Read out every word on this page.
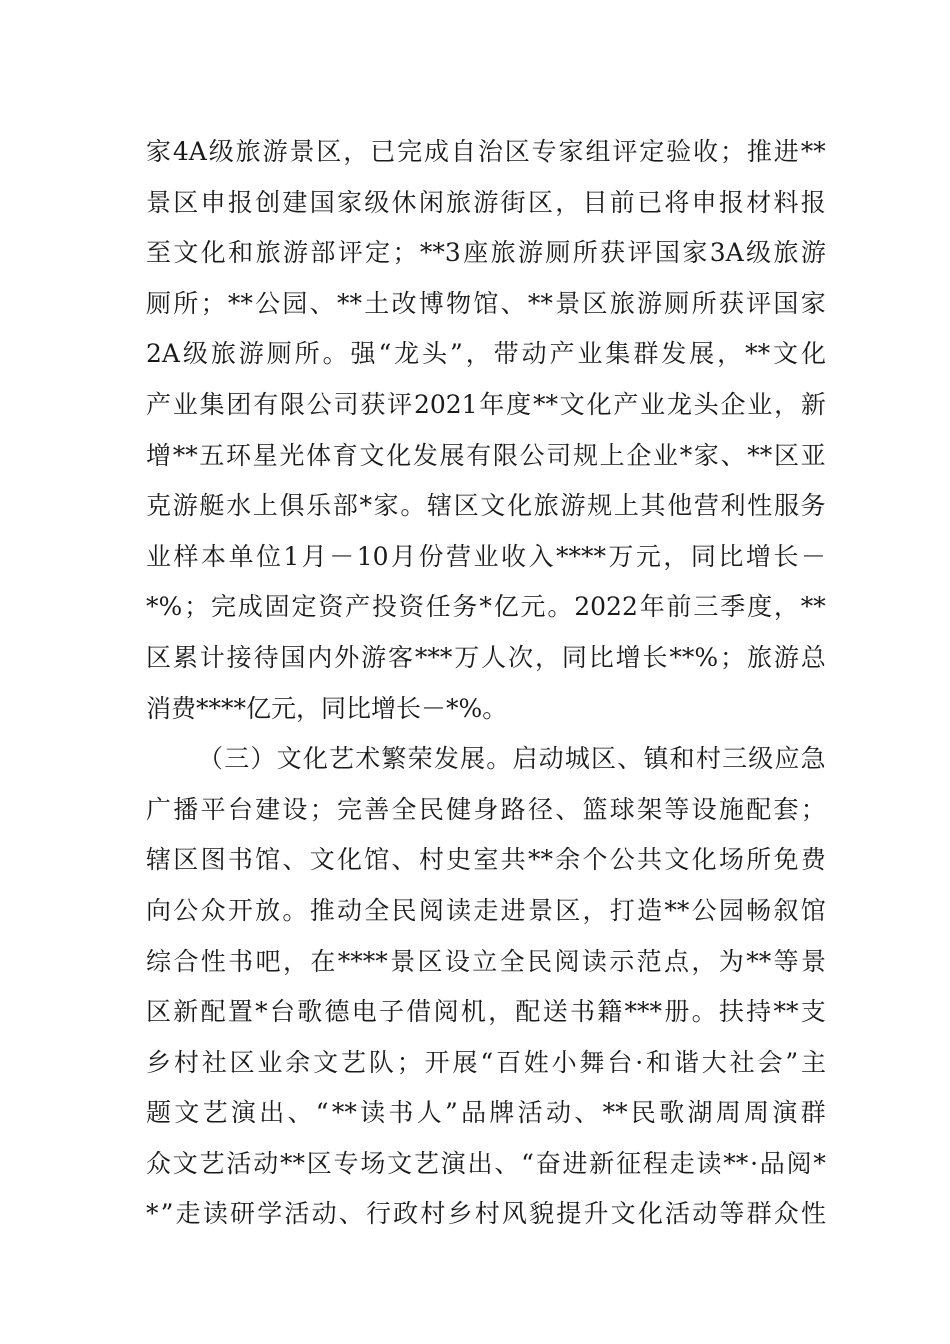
家 4A 级 旅 游 景 区 ， 已 完 成 自 治 区 专 家 组 评 定 验 收 ； 推 进 **
景 区 申 报 创 建 国 家 级 休 闲 旅 游 街 区 ， 目 前 已 将 申 报 材 料 报
至 文 化 和 旅 游 部 评 定 ； **3 座 旅 游 厕 所 获 评 国 家 3A 级 旅 游
厕 所 ； ** 公 园 、 ** 土 改 博 物 馆 、 ** 景 区 旅 游 厕 所 获 评 国 家
2A 级 旅 游 厕 所 。 强 “ 龙 头 ” ， 带 动 产 业 集 群 发 展 ， ** 文 化
产 业 集 团 有 限 公 司 获 评 2021 年 度 ** 文 化 产 业 龙 头 企 业 ， 新
增 ** 五 环 星 光 体 育 文 化 发 展 有 限 公 司 规 上 企 业 * 家 、 ** 区 亚
克 游 艇 水 上 俱 乐 部 * 家 。 辖 区 文 化 旅 游 规 上 其 他 营 利 性 服 务
业 样 本 单 位 1 月 － 10 月 份 营 业 收 入 **** 万 元 ， 同 比 增 长 －
*% ； 完 成 固 定 资 产 投 资 任 务 * 亿 元 。 2022 年 前 三 季 度 ， **
区 累 计 接 待 国 内 外 游 客 *** 万 人 次 ， 同 比 增 长 **% ； 旅 游 总
消费****亿元，同比增长－*%。
（ 三 ） 文 化 艺 术 繁 荣 发 展 。 启 动 城 区 、 镇 和 村 三 级 应 急
广 播 平 台 建 设 ； 完 善 全 民 健 身 路 径 、 篮 球 架 等 设 施 配 套 ；
辖 区 图 书 馆 、 文 化 馆 、 村 史 室 共 ** 余 个 公 共 文 化 场 所 免 费
向 公 众 开 放 。 推 动 全 民 阅 读 走 进 景 区 ， 打 造 ** 公 园 畅 叙 馆
综 合 性 书 吧 ， 在 **** 景 区 设 立 全 民 阅 读 示 范 点 ， 为 ** 等 景
区 新 配 置 * 台 歌 德 电 子 借 阅 机 ， 配 送 书 籍 *** 册 。 扶 持 ** 支
乡 村 社 区 业 余 文 艺 队 ； 开 展 “ 百 姓 小 舞 台 · 和 谐 大 社 会 ” 主
题 文 艺 演 出 、 “ ** 读 书 人 ” 品 牌 活 动 、 ** 民 歌 湖 周 周 演 群
众 文 艺 活 动 ** 区 专 场 文 艺 演 出 、 “ 奋 进 新 征 程 走 读 ** · 品 阅 *
* ” 走 读 研 学 活 动 、 行 政 村 乡 村 风 貌 提 升 文 化 活 动 等 群 众 性
